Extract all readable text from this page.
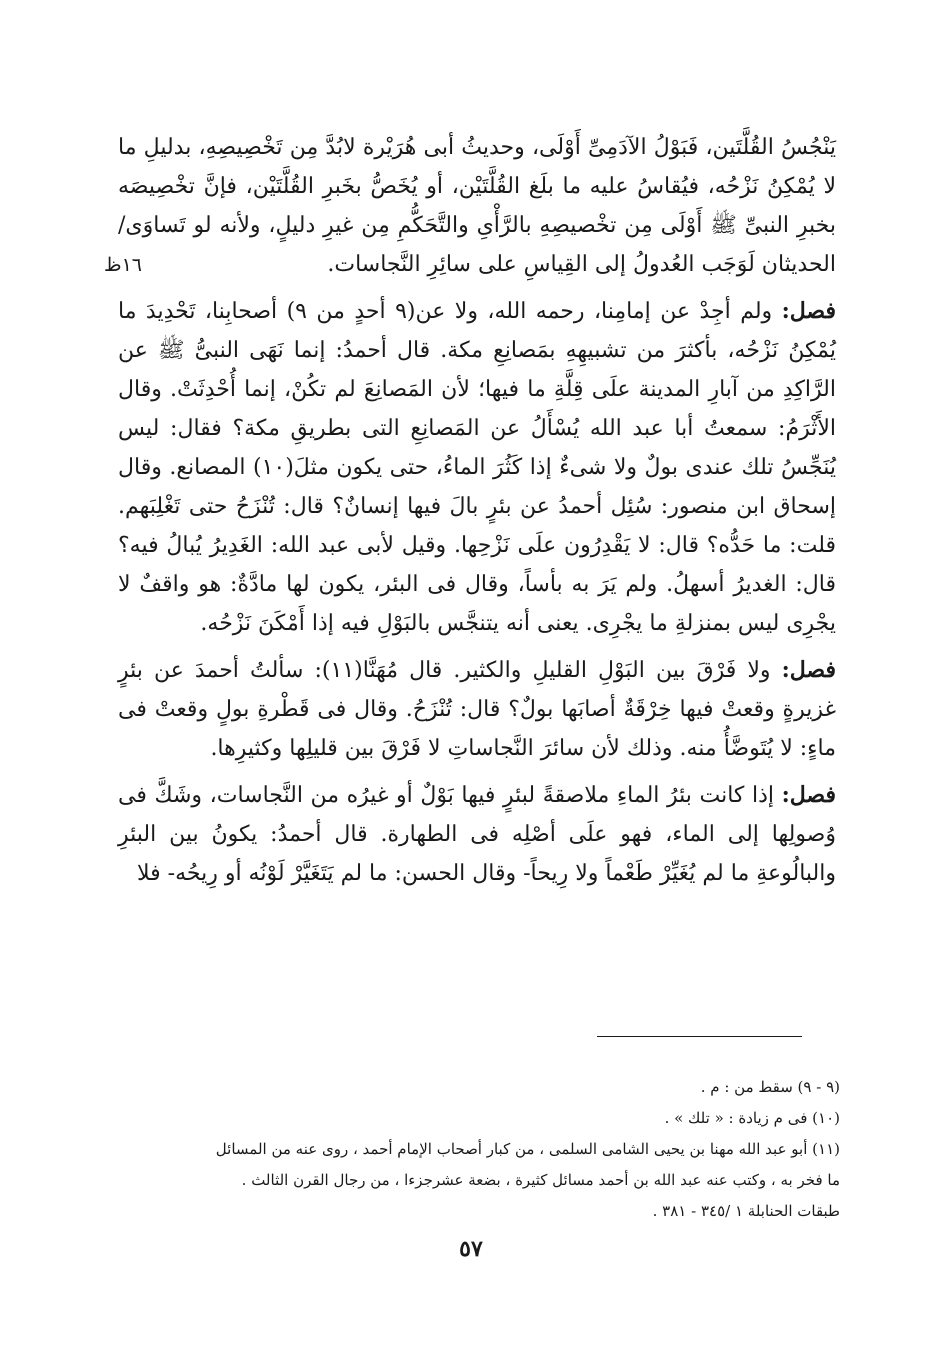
١٦ظ

يَنْجُسُ القُلَّتَين، فَبَوْلُ الآدَمِىِّ أَوْلَى، وحديثُ أبى هُرَيْرة لابُدَّ مِن تَخْصِيصِهِ، بدليلِ ما لا يُمْكِنُ نَزْحُه، فيُقاسُ عليه ما بلَغ القُلَّتَيْن، أو يُخَصُّ بخَبرِ القُلَّتَيْن، فإنَّ تخْصِيصَه بخبرِ النبىِّ ﷺ أَوْلَى مِن تخْصيصِهِ بالرَّأْىِ والتَّحَكُّمِ مِن غيرِ دليلٍ، ولأنه لو تَساوَى/ الحديثان لَوَجَب العُدولُ إلى القِياسِ على سائِرِ النَّجاسات.

فصل: ولم أجِدْ عن إمامِنا، رحمه الله، ولا عن(٩ أحدٍ من ٩) أصحابِنا، تَحْدِيدَ ما يُمْكِنُ نَزْحُه، بأكثرَ من تشبيهِهِ بمَصانِعِ مكة. قال أحمدُ: إنما نَهَى النبىُّ ﷺ عن الرَّاكِدِ من آبارِ المدينة علَى قِلَّةِ ما فيها؛ لأن المَصانِعَ لم تكُنْ، إنما أُحْدِثَتْ. وقال الأَثْرَمُ: سمعتُ أبا عبد الله يُسْأَلُ عن المَصانِعِ التى بطريقِ مكة؟ فقال: ليس يُنَجِّسُ تلك عندى بولٌ ولا شىءٌ إذا كَثُرَ الماءُ، حتى يكون مثلَ(١٠) المصانع. وقال إسحاق ابن منصور: سُئِل أحمدُ عن بئرٍ بالَ فيها إنسانٌ؟ قال: تُنْزَحُ حتى تَغْلِبَهم. قلت: ما حَدُّه؟ قال: لا يَقْدِرُون علَى نَزْحِها. وقيل لأبى عبد الله: الغَدِيرُ يُبالُ فيه؟ قال: الغديرُ أسهلُ. ولم يَرَ به بأساً، وقال فى البئر، يكون لها مادَّةٌ: هو واقفٌ لا يجْرِى ليس بمنزلةِ ما يجْرِى. يعنى أنه يتنجَّس بالبَوْلِ فيه إذا أَمْكَنَ نَزْحُه.

فصل: ولا فَرْقَ بين البَوْلِ القليلِ والكثير. قال مُهَنَّا(١١): سألتُ أحمدَ عن بئرٍ غزيرةٍ وقعتْ فيها خِرْقَةٌ أصابَها بولٌ؟ قال: تُنْزَحُ. وقال فى قَطْرةِ بولٍ وقعتْ فى ماءٍ: لا يُتَوضَّأُ منه. وذلك لأن سائرَ النَّجاساتِ لا فَرْقَ بين قليلِها وكثيرِها.

فصل: إذا كانت بئرُ الماءِ ملاصقةً لبئرٍ فيها بَوْلٌ أو غيرُه من النَّجاسات، وشَكَّ فى وُصولِها إلى الماء، فهو علَى أصْلِه فى الطهارة. قال أحمدُ: يكونُ بين البئرِ والبالُوعةِ ما لم يُغَيِّرْ طَعْماً ولا رِيحاً- وقال الحسن: ما لم يَتَغَيَّرْ لَوْنُه أو رِيحُه- فلا

(٩ - ٩) سقط من : م .
(١٠) فى م زيادة : « تلك » .
(١١) أبو عبد الله مهنا بن يحيى الشامى السلمى ، من كبار أصحاب الإمام أحمد ، روى عنه من المسائل
ما فخر به ، وكتب عنه عبد الله بن أحمد مسائل كثيرة ، بضعة عشرجزءا ، من رجال القرن الثالث .
طبقات الحنابلة ١ /٣٤٥ - ٣٨١ .
٥٧
